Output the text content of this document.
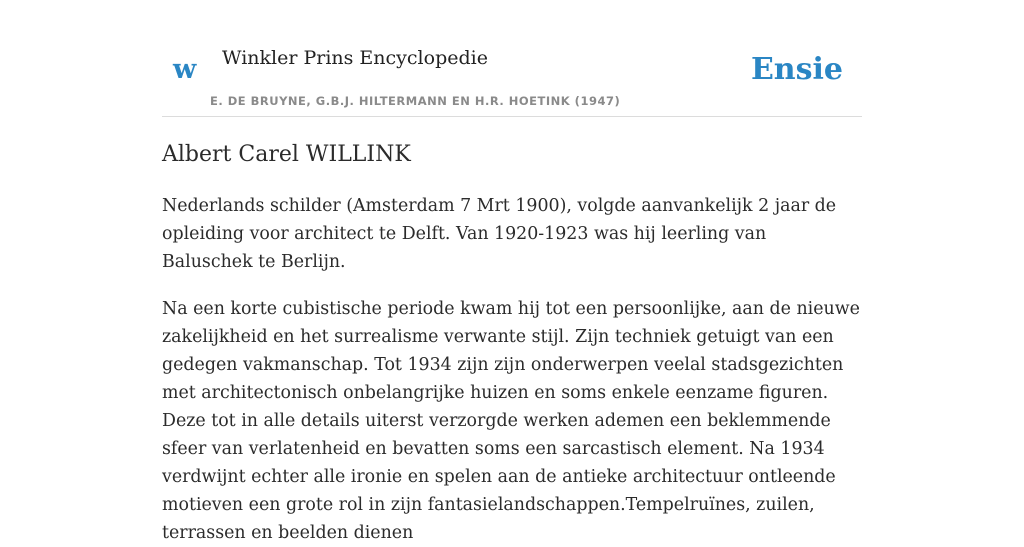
w Winkler Prins Encyclopedie
E. DE BRUYNE, G.B.J. HILTERMANN EN H.R. HOETINK (1947)
Ensie
Albert Carel WILLINK

Nederlands schilder (Amsterdam 7 Mrt 1900), volgde aanvankelijk 2 jaar de opleiding voor architect te Delft. Van 1920-1923 was hij leerling van Baluschek te Berlijn.

Na een korte cubistische periode kwam hij tot een persoonlijke, aan de nieuwe zakelijkheid en het surrealisme verwante stijl. Zijn techniek getuigt van een gedegen vakmanschap. Tot 1934 zijn zijn onderwerpen veelal stadsgezichten met architectonisch onbelangrijke huizen en soms enkele eenzame figuren. Deze tot in alle details uiterst verzorgde werken ademen een beklemmende sfeer van verlatenheid en bevatten soms een sarcastisch element. Na 1934 verdwijnt echter alle ironie en spelen aan de antieke architectuur ontleende motieven een grote rol in zijn fantasielandschappen.Tempelruïnes, zuilen, terrassen en beelden dienen
